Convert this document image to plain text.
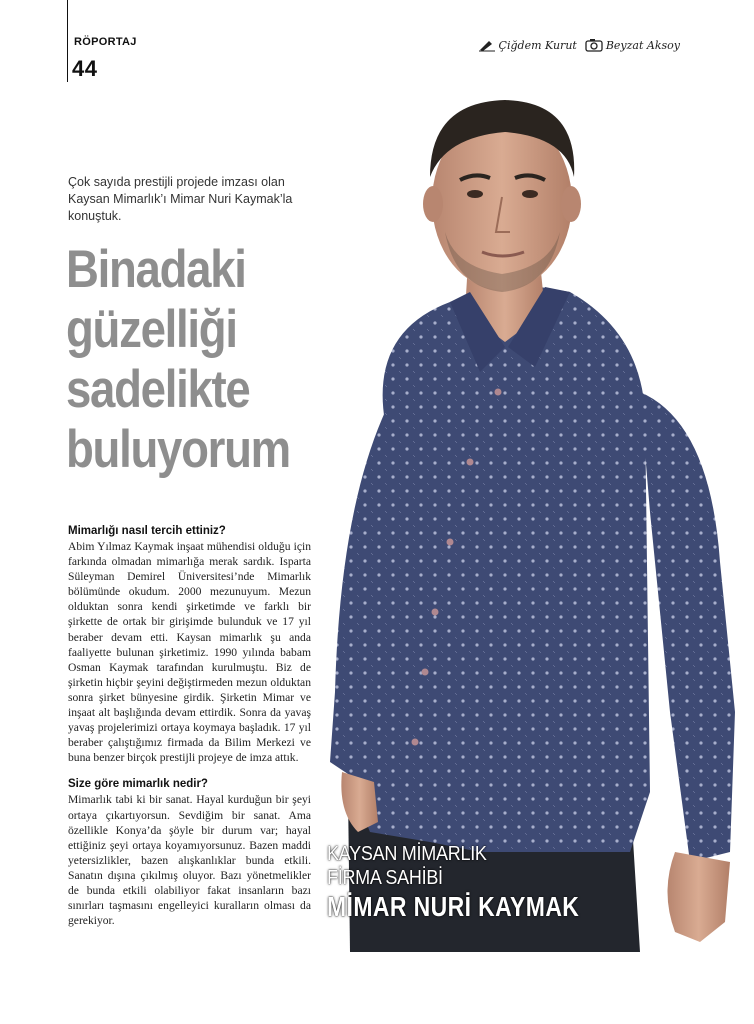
RÖPORTAJ
44
Çiğdem Kurut	Beyzat Aksoy
Çok sayıda prestijli projede imzası olan Kaysan Mimarlık’ı Mimar Nuri Kaymak’la konuştuk.
Binadaki
güzelliği
sadelikte
buluyorum

Mimarlığı nasıl tercih ettiniz?

Abim Yılmaz Kaymak inşaat mühendisi olduğu için farkında olmadan mimarlığa merak sardık. Isparta Süleyman Demirel Üniversitesi’nde Mimarlık bölümünde okudum. 2000 mezunuyum. Mezun olduktan sonra kendi şirketimde ve farklı bir şirkette de ortak bir girişimde bulunduk ve 17 yıl beraber devam etti. Kaysan mimarlık şu anda faaliyette bulunan şirketimiz. 1990 yılında babam Osman Kaymak tarafından kurulmuştu. Biz de şirketin hiçbir şeyini değiştirmeden mezun olduktan sonra şirket bünyesine girdik. Şirketin Mimar ve inşaat alt başlığında devam ettirdik. Sonra da yavaş yavaş projelerimizi ortaya koymaya başladık. 17 yıl beraber çalıştığımız firmada da Bilim Merkezi ve buna benzer birçok prestijli projeye de imza attık.

Size göre mimarlık nedir?

Mimarlık tabi ki bir sanat. Hayal kurduğun bir şeyi ortaya çıkartıyorsun. Sevdiğim bir sanat. Ama özellikle Konya’da şöyle bir durum var; hayal ettiğiniz şeyi ortaya koyamıyorsunuz. Bazen maddi yetersizlikler, bazen alışkanlıklar bunda etkili. Sanatın dışına çıkılmış oluyor. Bazı yönetmelikler de bunda etkili olabiliyor fakat insanların bazı sınırları taşmasını engelleyici kuralların olması da gerekiyor.

KAYSAN MİMARLIK
FİRMA SAHİBİ
MİMAR NURİ KAYMAK
